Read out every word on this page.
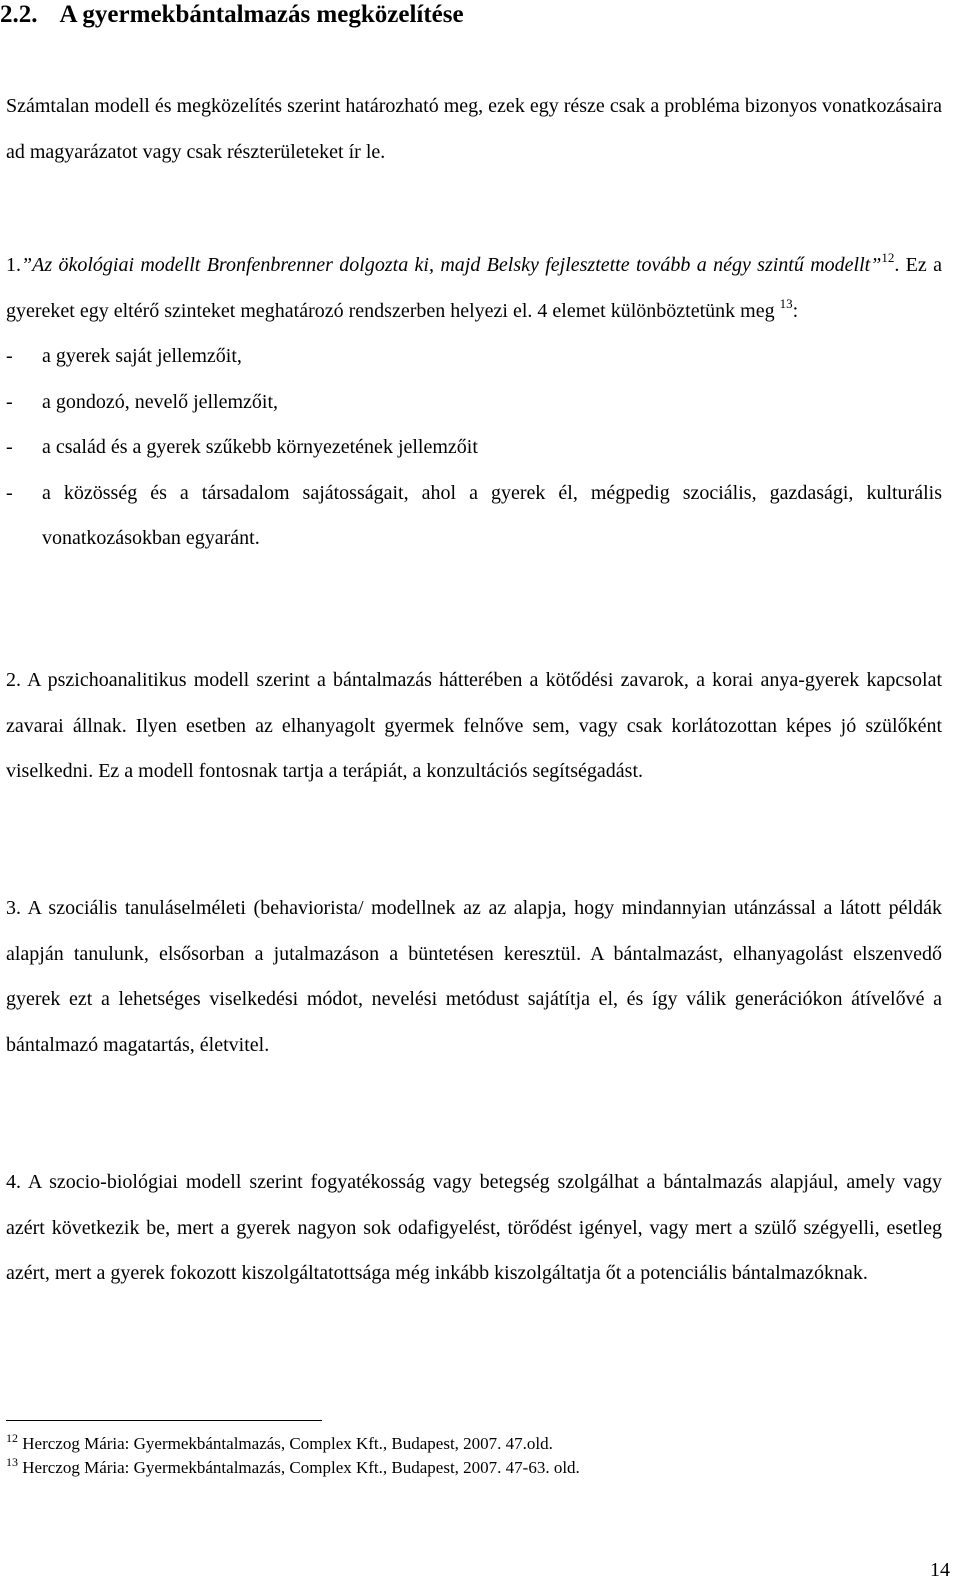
2.2. A gyermekbántalmazás megközelítése

Számtalan modell és megközelítés szerint határozható meg, ezek egy része csak a probléma bizonyos vonatkozásaira ad magyarázatot vagy csak részterületeket ír le.

1.”Az ökológiai modellt Bronfenbrenner dolgozta ki, majd Belsky fejlesztette tovább a négy szintű modellt”$^{12}$. Ez a gyereket egy eltérő szinteket meghatározó rendszerben helyezi el. 4 elemet különböztetünk meg $^{13}$:

- a gyerek saját jellemzőit,
- a gondozó, nevelő jellemzőit,
- a család és a gyerek szűkebb környezetének jellemzőit
- a közösség és a társadalom sajátosságait, ahol a gyerek él, mégpedig szociális, gazdasági, kulturális vonatkozásokban egyaránt.

2. A pszichoanalitikus modell szerint a bántalmazás hátterében a kötődési zavarok, a korai anya-gyerek kapcsolat zavarai állnak. Ilyen esetben az elhanyagolt gyermek felnőve sem, vagy csak korlátozottan képes jó szülőként viselkedni. Ez a modell fontosnak tartja a terápiát, a konzultációs segítségadást.

3. A szociális tanuláselméleti (behaviorista/ modellnek az az alapja, hogy mindannyian utánzással a látott példák alapján tanulunk, elsősorban a jutalmazáson a büntetésen keresztül. A bántalmazást, elhanyagolást elszenvedő gyerek ezt a lehetséges viselkedési módot, nevelési metódust sajátítja el, és így válik generációkon átívelővé a bántalmazó magatartás, életvitel.

4. A szocio-biológiai modell szerint fogyatékosság vagy betegség szolgálhat a bántalmazás alapjául, amely vagy azért következik be, mert a gyerek nagyon sok odafigyelést, törődést igényel, vagy mert a szülő szégyelli, esetleg azért, mert a gyerek fokozott kiszolgáltatottsága még inkább kiszolgáltatja őt a potenciális bántalmazóknak.

$^{12}$ Herczog Mária: Gyermekbántalmazás, Complex Kft., Budapest, 2007. 47.old.
$^{13}$ Herczog Mária: Gyermekbántalmazás, Complex Kft., Budapest, 2007. 47-63. old.
14
